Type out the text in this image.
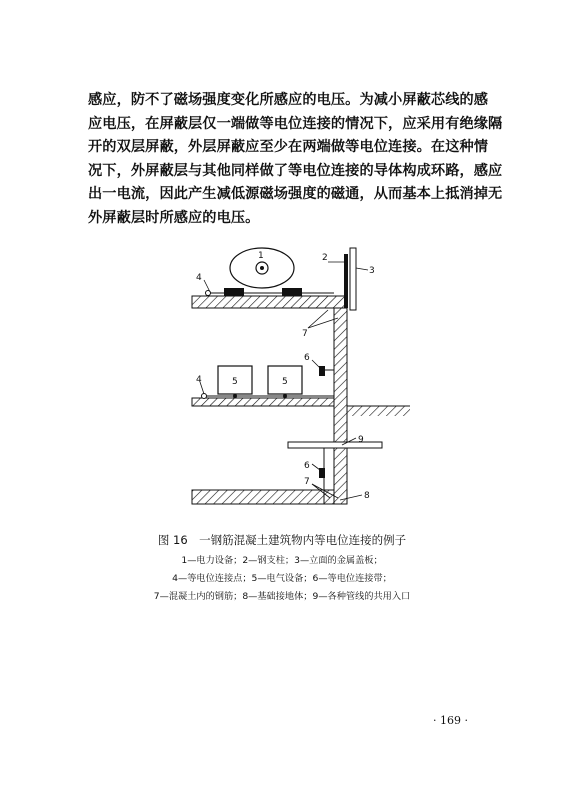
感应，防不了磁场强度变化所感应的电压。为减小屏蔽芯线的感
应电压，在屏蔽层仅一端做等电位连接的情况下，应采用有绝缘隔
开的双层屏蔽，外层屏蔽应至少在两端做等电位连接。在这种情
况下，外屏蔽层与其他同样做了等电位连接的导体构成环路，感应
出一电流，因此产生减低源磁场强度的磁通，从而基本上抵消掉无
外屏蔽层时所感应的电压。
1	2
3
4
7
6
5	5
4
9
6
7
8
图 16　一钢筋混凝土建筑物内等电位连接的例子
1—电力设备；2—钢支柱；3—立面的金属盖板；
4—等电位连接点；5—电气设备；6—等电位连接带；
7—混凝土内的钢筋；8—基础接地体；9—各种管线的共用入口
· 169 ·
